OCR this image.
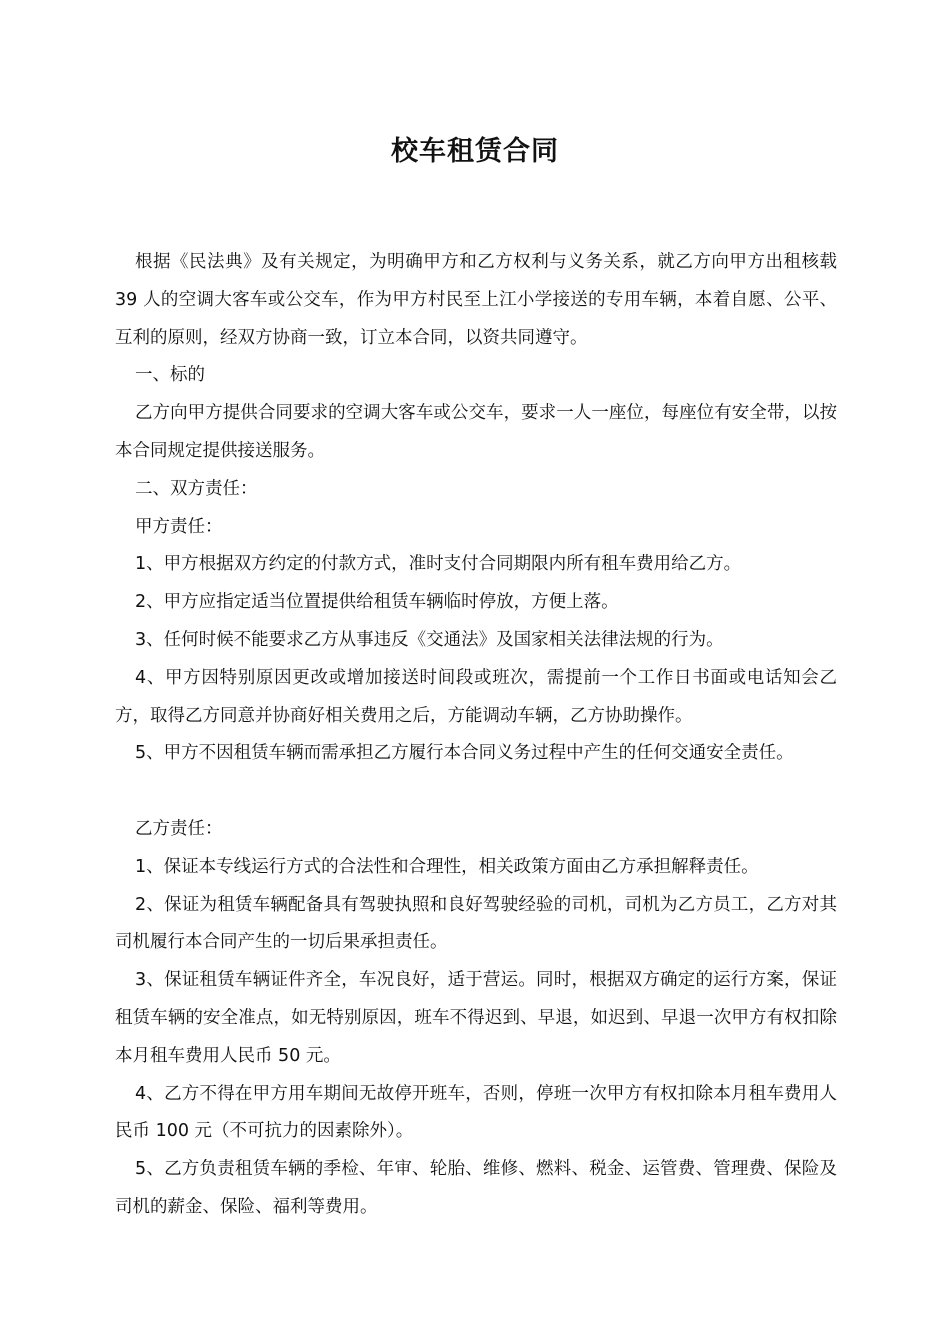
校车租赁合同

根据《民法典》及有关规定，为明确甲方和乙方权利与义务关系，就乙方向甲方出租核载 39 人的空调大客车或公交车，作为甲方村民至上江小学接送的专用车辆，本着自愿、公平、互利的原则，经双方协商一致，订立本合同，以资共同遵守。

一、标的

乙方向甲方提供合同要求的空调大客车或公交车，要求一人一座位，每座位有安全带，以按本合同规定提供接送服务。

二、双方责任：

甲方责任：

1、甲方根据双方约定的付款方式，准时支付合同期限内所有租车费用给乙方。

2、甲方应指定适当位置提供给租赁车辆临时停放，方便上落。

3、任何时候不能要求乙方从事违反《交通法》及国家相关法律法规的行为。

4、甲方因特别原因更改或增加接送时间段或班次，需提前一个工作日书面或电话知会乙方，取得乙方同意并协商好相关费用之后，方能调动车辆，乙方协助操作。

5、甲方不因租赁车辆而需承担乙方履行本合同义务过程中产生的任何交通安全责任。

乙方责任：

1、保证本专线运行方式的合法性和合理性，相关政策方面由乙方承担解释责任。

2、保证为租赁车辆配备具有驾驶执照和良好驾驶经验的司机，司机为乙方员工，乙方对其司机履行本合同产生的一切后果承担责任。

3、保证租赁车辆证件齐全，车况良好，适于营运。同时，根据双方确定的运行方案，保证租赁车辆的安全准点，如无特别原因，班车不得迟到、早退，如迟到、早退一次甲方有权扣除本月租车费用人民币 50 元。

4、乙方不得在甲方用车期间无故停开班车，否则，停班一次甲方有权扣除本月租车费用人民币 100 元（不可抗力的因素除外）。

5、乙方负责租赁车辆的季检、年审、轮胎、维修、燃料、税金、运管费、管理费、保险及司机的薪金、保险、福利等费用。
